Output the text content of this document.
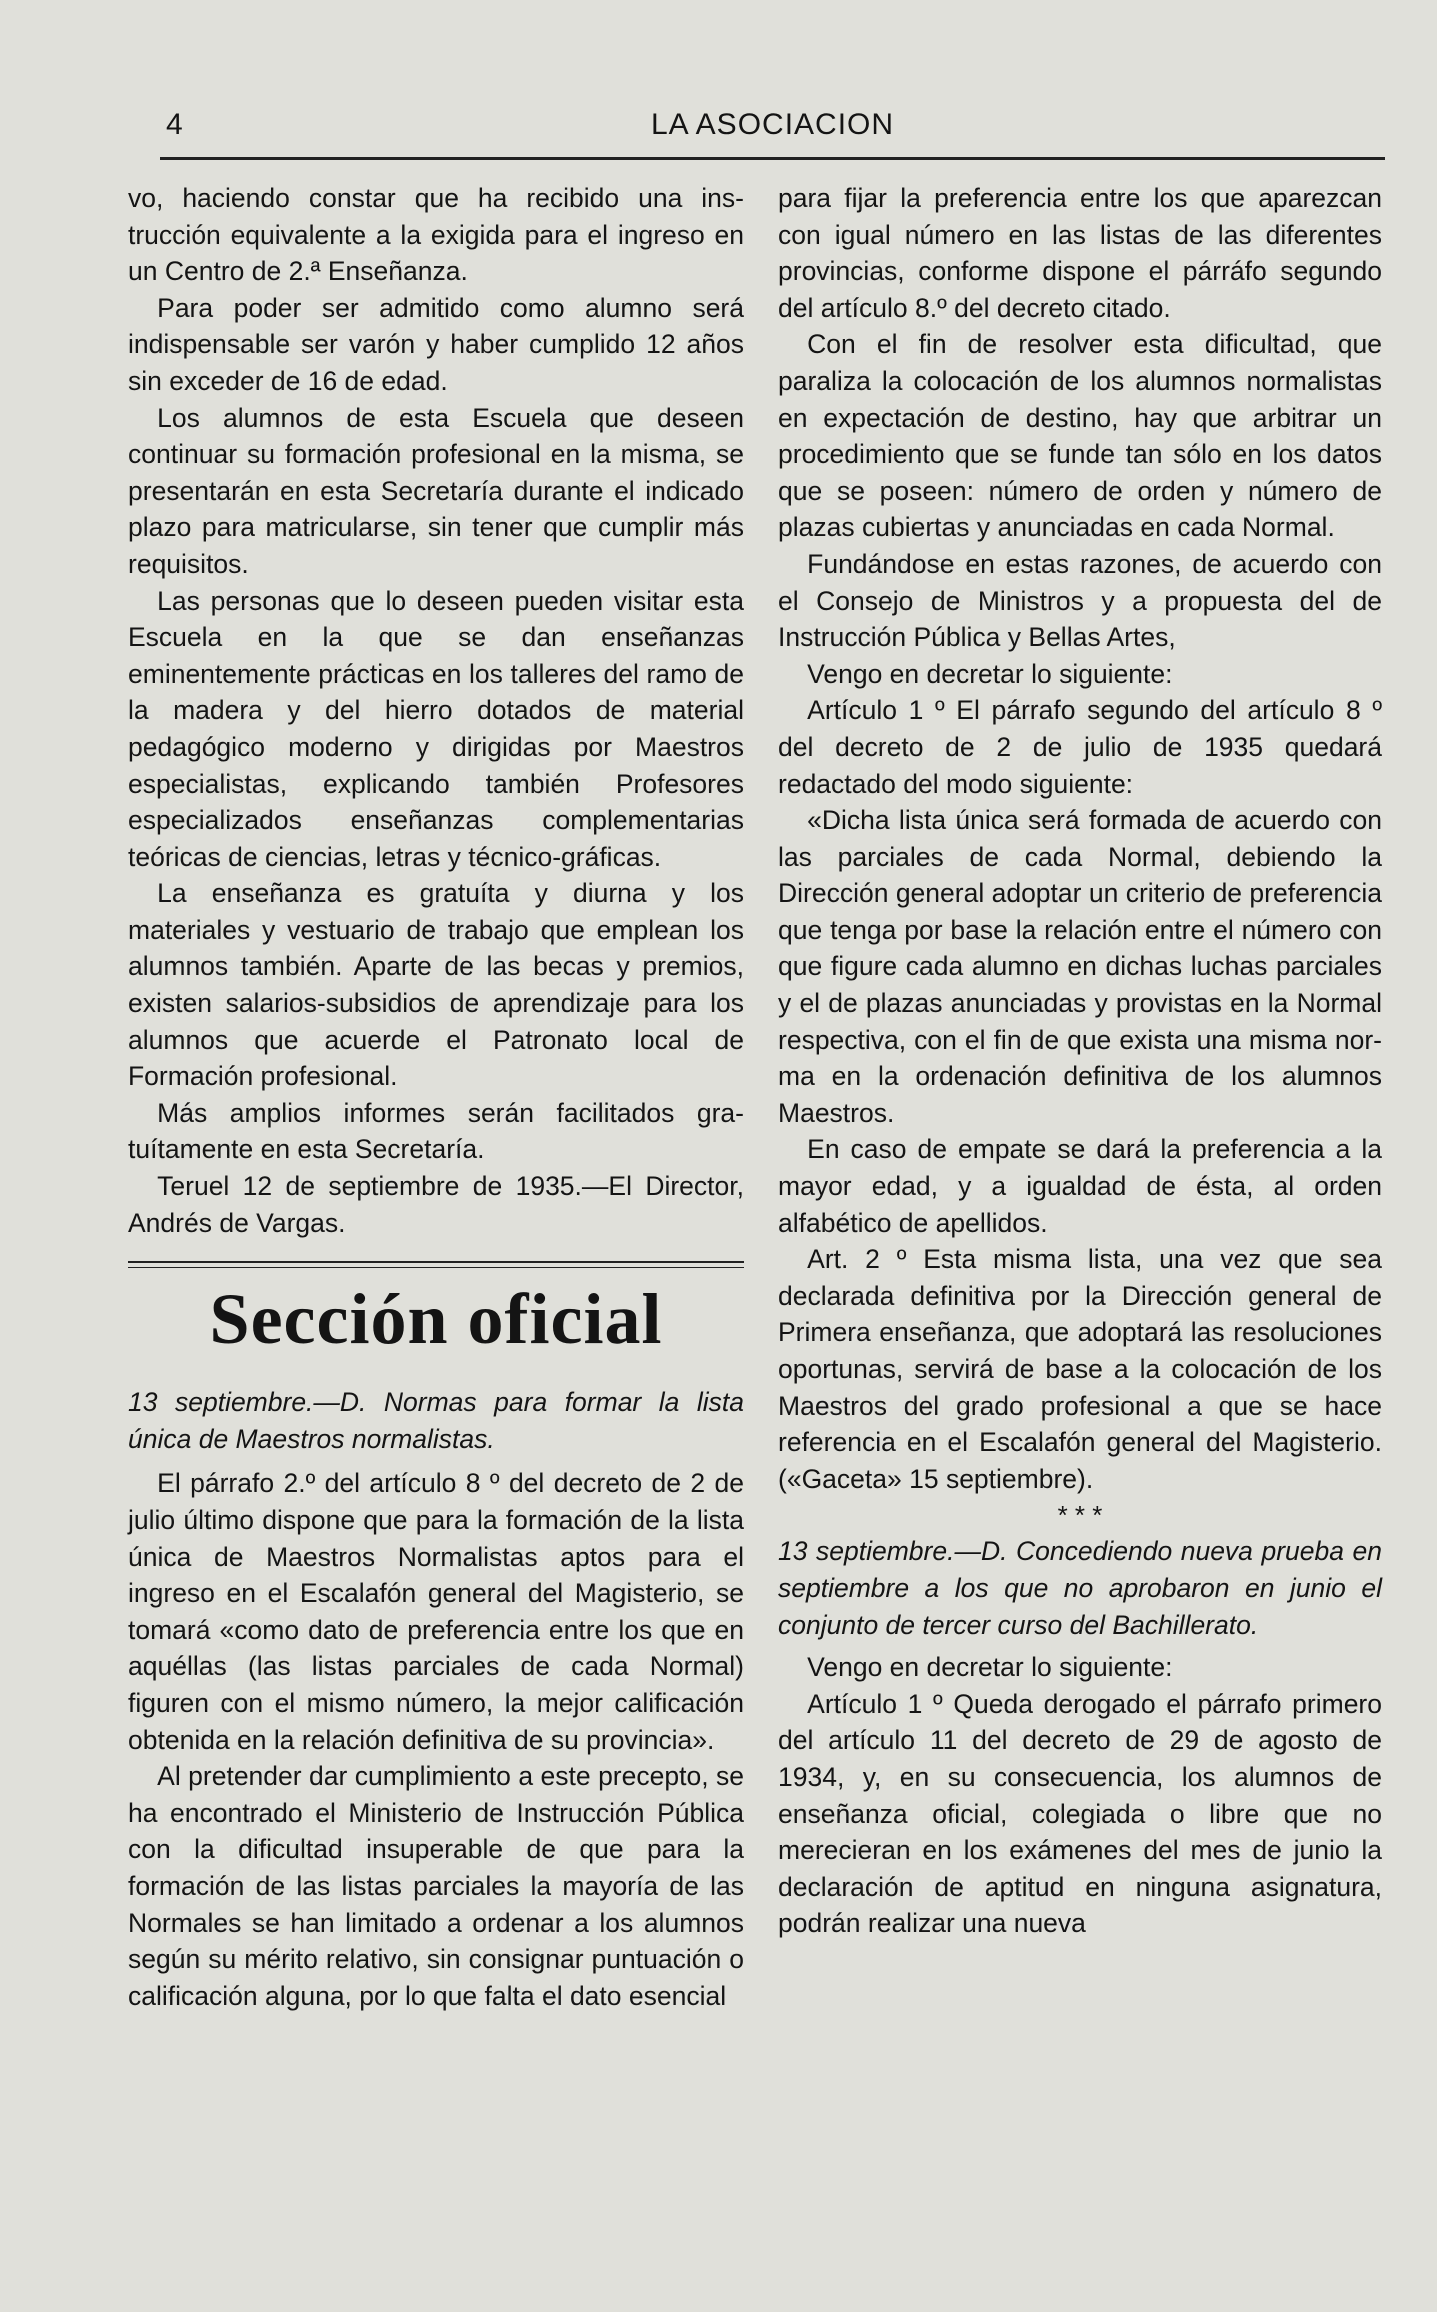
4	LA ASOCIACION

vo, haciendo constar que ha recibido una instrucción equivalente a la exigida para el ingreso en un Centro de 2.ª Enseñanza.

Para poder ser admitido como alumno será indispensable ser varón y haber cumplido 12 años sin exceder de 16 de edad.

Los alumnos de esta Escuela que deseen continuar su formación profesional en la misma, se presentarán en esta Secretaría durante el indicado plazo para matricularse, sin tener que cumplir más requisitos.

Las personas que lo deseen pueden visitar esta Escuela en la que se dan enseñanzas eminentemente prácticas en los talleres del ramo de la madera y del hierro dotados de material pedagógico moderno y dirigidas por Maestros especialistas, explicando también Profesores especializados enseñanzas complementarias teóricas de ciencias, letras y técnico-gráficas.

La enseñanza es gratuíta y diurna y los materiales y vestuario de trabajo que emplean los alumnos también. Aparte de las becas y premios, existen salarios-subsidios de aprendizaje para los alumnos que acuerde el Patronato local de Formación profesional.

Más amplios informes serán facilitados gratuítamente en esta Secretaría.

Teruel 12 de septiembre de 1935.—El Director, Andrés de Vargas.

Sección oficial

13 septiembre.—D. Normas para formar la lista única de Maestros normalistas.

El párrafo 2.º del artículo 8 º del decreto de 2 de julio último dispone que para la formación de la lista única de Maestros Normalistas aptos para el ingreso en el Escalafón general del Magisterio, se tomará «como dato de preferencia entre los que en aquéllas (las listas parciales de cada Normal) figuren con el mismo número, la mejor calificación obtenida en la relación definitiva de su provincia».

Al pretender dar cumplimiento a este precepto, se ha encontrado el Ministerio de Instrucción Pública con la dificultad insuperable de que para la formación de las listas parciales la mayoría de las Normales se han limitado a ordenar a los alumnos según su mérito relativo, sin consignar puntuación o calificación alguna, por lo que falta el dato esencial

para fijar la preferencia entre los que aparezcan con igual número en las listas de las diferentes provincias, conforme dispone el párráfo segundo del artículo 8.º del decreto citado.

Con el fin de resolver esta dificultad, que paraliza la colocación de los alumnos normalistas en expectación de destino, hay que arbitrar un procedimiento que se funde tan sólo en los datos que se poseen: número de orden y número de plazas cubiertas y anunciadas en cada Normal.

Fundándose en estas razones, de acuerdo con el Consejo de Ministros y a propuesta del de Instrucción Pública y Bellas Artes,

Vengo en decretar lo siguiente:

Artículo 1 º El párrafo segundo del artículo 8 º del decreto de 2 de julio de 1935 quedará redactado del modo siguiente:

«Dicha lista única será formada de acuerdo con las parciales de cada Normal, debiendo la Dirección general adoptar un criterio de preferencia que tenga por base la relación entre el número con que figure cada alumno en dichas luchas parciales y el de plazas anunciadas y provistas en la Normal respectiva, con el fin de que exista una misma norma en la ordenación definitiva de los alumnos Maestros.

En caso de empate se dará la preferencia a la mayor edad, y a igualdad de ésta, al orden alfabético de apellidos.

Art. 2 º Esta misma lista, una vez que sea declarada definitiva por la Dirección general de Primera enseñanza, que adoptará las resoluciones oportunas, servirá de base a la colocación de los Maestros del grado profesional a que se hace referencia en el Escalafón general del Magisterio. («Gaceta» 15 septiembre).

* * *

13 septiembre.—D. Concediendo nueva prueba en septiembre a los que no aprobaron en junio el conjunto de tercer curso del Bachillerato.

Vengo en decretar lo siguiente:

Artículo 1 º Queda derogado el párrafo primero del artículo 11 del decreto de 29 de agosto de 1934, y, en su consecuencia, los alumnos de enseñanza oficial, colegiada o libre que no merecieran en los exámenes del mes de junio la declaración de aptitud en ninguna asignatura, podrán realizar una nueva
